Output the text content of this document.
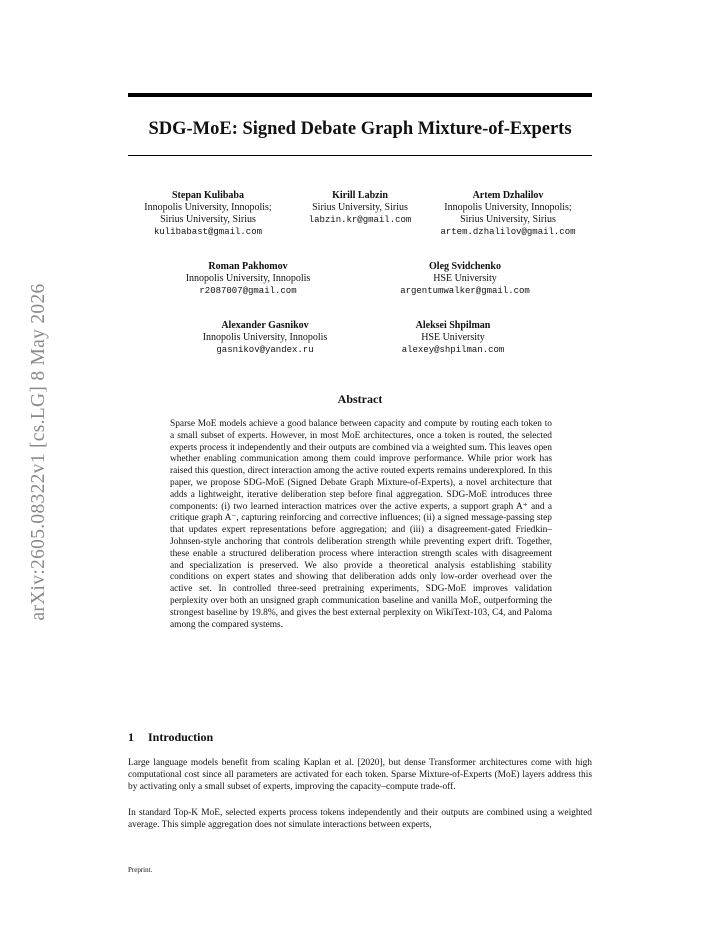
arXiv:2605.08322v1 [cs.LG] 8 May 2026
SDG-MoE: Signed Debate Graph Mixture-of-Experts
Stepan Kulibaba
Innopolis University, Innopolis;
Sirius University, Sirius
kulibabast@gmail.com
Kirill Labzin
Sirius University, Sirius
labzin.kr@gmail.com
Artem Dzhalilov
Innopolis University, Innopolis;
Sirius University, Sirius
artem.dzhalilov@gmail.com
Roman Pakhomov
Innopolis University, Innopolis
r2087007@gmail.com
Oleg Svidchenko
HSE University
argentumwalker@gmail.com
Alexander Gasnikov
Innopolis University, Innopolis
gasnikov@yandex.ru
Aleksei Shpilman
HSE University
alexey@shpilman.com
Abstract

Sparse MoE models achieve a good balance between capacity and compute by routing each token to a small subset of experts. However, in most MoE architectures, once a token is routed, the selected experts process it independently and their outputs are combined via a weighted sum. This leaves open whether enabling communication among them could improve performance. While prior work has raised this question, direct interaction among the active routed experts remains underexplored. In this paper, we propose SDG-MoE (Signed Debate Graph Mixture-of-Experts), a novel architecture that adds a lightweight, iterative deliberation step before final aggregation. SDG-MoE introduces three components: (i) two learned interaction matrices over the active experts, a support graph A⁺ and a critique graph A⁻, capturing reinforcing and corrective influences; (ii) a signed message-passing step that updates expert representations before aggregation; and (iii) a disagreement-gated Friedkin–Johnsen-style anchoring that controls deliberation strength while preventing expert drift. Together, these enable a structured deliberation process where interaction strength scales with disagreement and specialization is preserved. We also provide a theoretical analysis establishing stability conditions on expert states and showing that deliberation adds only low-order overhead over the active set. In controlled three-seed pretraining experiments, SDG-MoE improves validation perplexity over both an unsigned graph communication baseline and vanilla MoE, outperforming the strongest baseline by 19.8%, and gives the best external perplexity on WikiText-103, C4, and Paloma among the compared systems.

1 Introduction

Large language models benefit from scaling Kaplan et al. [2020], but dense Transformer architectures come with high computational cost since all parameters are activated for each token. Sparse Mixture-of-Experts (MoE) layers address this by activating only a small subset of experts, improving the capacity–compute trade-off.

In standard Top-K MoE, selected experts process tokens independently and their outputs are combined using a weighted average. This simple aggregation does not simulate interactions between experts,

Preprint.
